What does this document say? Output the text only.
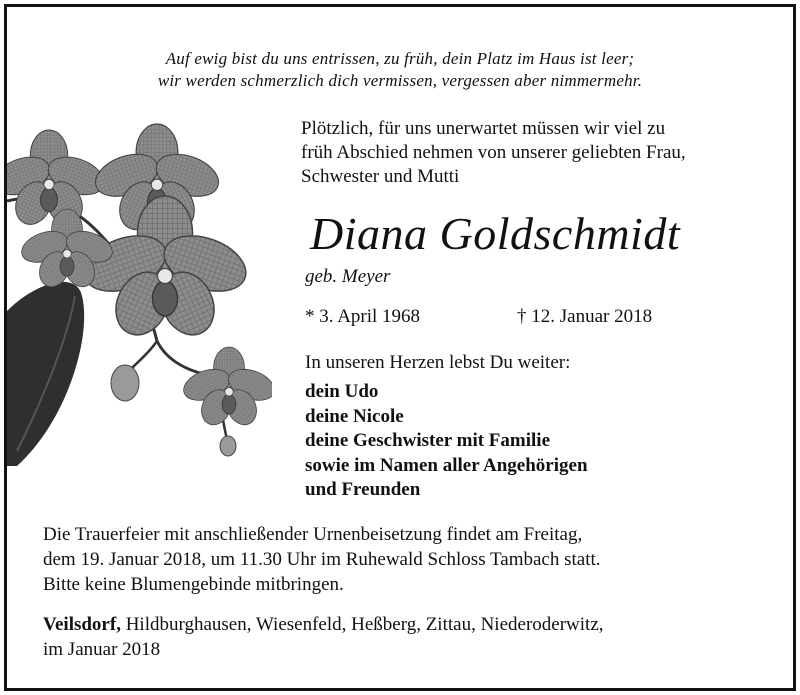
Auf ewig bist du uns entrissen, zu früh, dein Platz im Haus ist leer;
wir werden schmerzlich dich vermissen, vergessen aber nimmermehr.
Plötzlich, für uns unerwartet müssen wir viel zu
früh Abschied nehmen von unserer geliebten Frau,
Schwester und Mutti
Diana Goldschmidt
geb. Meyer
* 3. April 1968	† 12. Januar 2018
In unseren Herzen lebst Du weiter:
dein Udo
deine Nicole
deine Geschwister mit Familie
sowie im Namen aller Angehörigen
und Freunden
Die Trauerfeier mit anschließender Urnenbeisetzung findet am Freitag,
dem 19. Januar 2018, um 11.30 Uhr im Ruhewald Schloss Tambach statt.
Bitte keine Blumengebinde mitbringen.
Veilsdorf, Hildburghausen, Wiesenfeld, Heßberg, Zittau, Niederoderwitz,
im Januar 2018
